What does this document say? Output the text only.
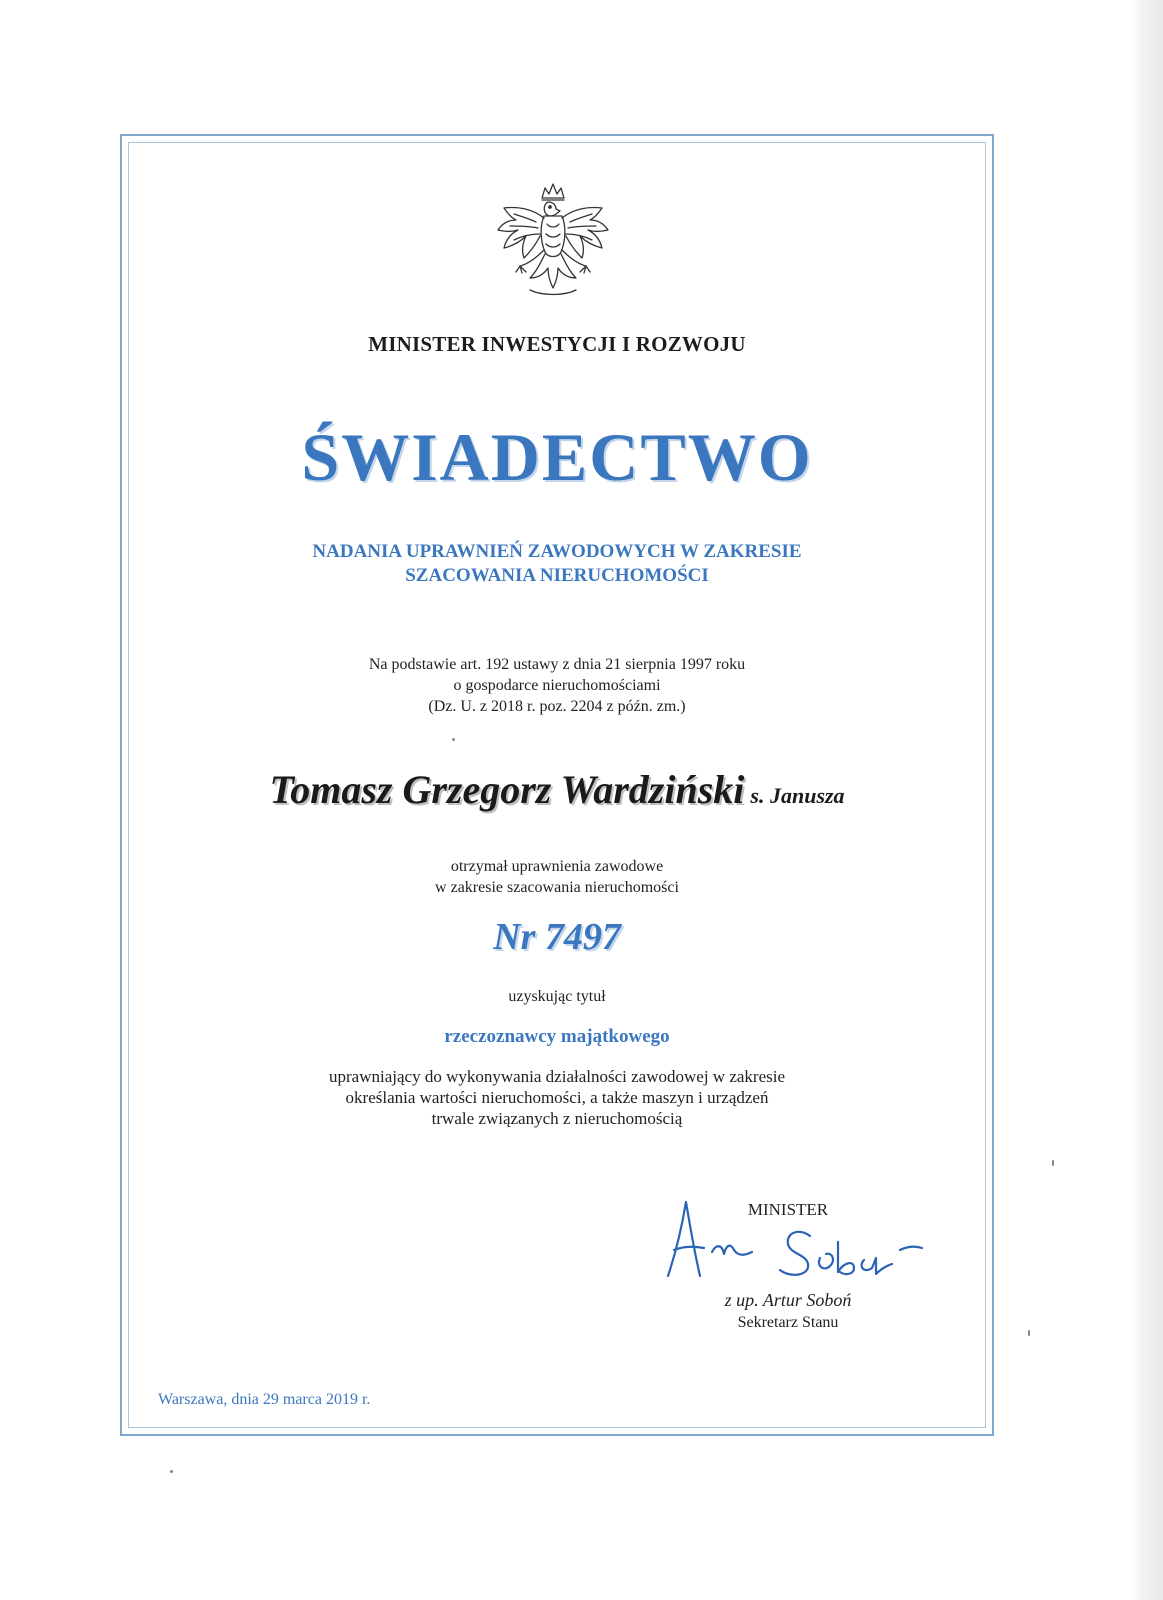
MINISTER INWESTYCJI I ROZWOJU
ŚWIADECTWO
NADANIA UPRAWNIEŃ ZAWODOWYCH W ZAKRESIE
SZACOWANIA NIERUCHOMOŚCI
Na podstawie art. 192 ustawy z dnia 21 sierpnia 1997 roku
o gospodarce nieruchomościami
(Dz. U. z 2018 r. poz. 2204 z późn. zm.)
Tomasz Grzegorz Wardziński s. Janusza
otrzymał uprawnienia zawodowe
w zakresie szacowania nieruchomości
Nr 7497
uzyskując tytuł
rzeczoznawcy majątkowego
uprawniający do wykonywania działalności zawodowej w zakresie
określania wartości nieruchomości, a także maszyn i urządzeń
trwale związanych z nieruchomością
MINISTER
z up. Artur Soboń
Sekretarz Stanu
Warszawa, dnia 29 marca 2019 r.
